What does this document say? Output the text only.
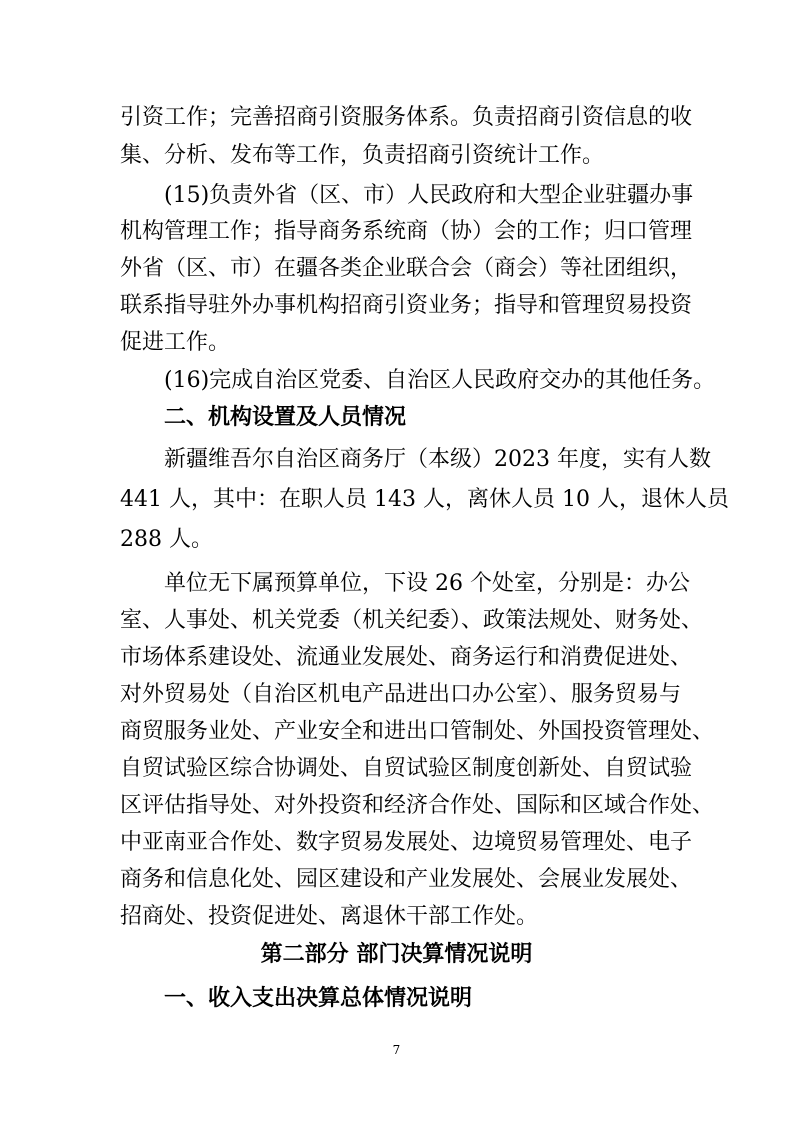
引资工作；完善招商引资服务体系。负责招商引资信息的收
集、分析、发布等工作，负责招商引资统计工作。
(15)负责外省（区、市）人民政府和大型企业驻疆办事
机构管理工作；指导商务系统商（协）会的工作；归口管理
外省（区、市）在疆各类企业联合会（商会）等社团组织，
联系指导驻外办事机构招商引资业务；指导和管理贸易投资
促进工作。
(16)完成自治区党委、自治区人民政府交办的其他任务。
二、机构设置及人员情况
新疆维吾尔自治区商务厅（本级）2023 年度，实有人数
441 人，其中：在职人员 143 人，离休人员 10 人，退休人员
288 人。
单位无下属预算单位，下设 26 个处室，分别是：办公
室、人事处、机关党委（机关纪委）、政策法规处、财务处、
市场体系建设处、流通业发展处、商务运行和消费促进处、
对外贸易处（自治区机电产品进出口办公室）、服务贸易与
商贸服务业处、产业安全和进出口管制处、外国投资管理处、
自贸试验区综合协调处、自贸试验区制度创新处、自贸试验
区评估指导处、对外投资和经济合作处、国际和区域合作处、
中亚南亚合作处、数字贸易发展处、边境贸易管理处、电子
商务和信息化处、园区建设和产业发展处、会展业发展处、
招商处、投资促进处、离退休干部工作处。
第二部分 部门决算情况说明
一、收入支出决算总体情况说明
7
